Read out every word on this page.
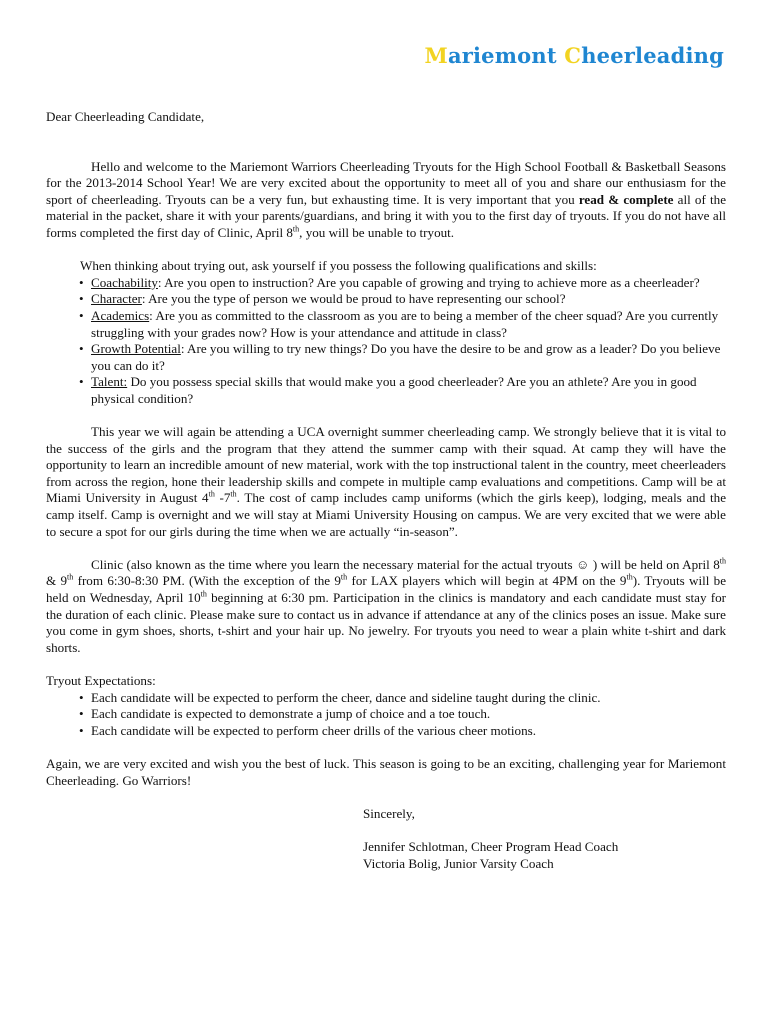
Mariemont Cheerleading

Dear Cheerleading Candidate,

Hello and welcome to the Mariemont Warriors Cheerleading Tryouts for the High School Football & Basketball Seasons for the 2013-2014 School Year! We are very excited about the opportunity to meet all of you and share our enthusiasm for the sport of cheerleading. Tryouts can be a very fun, but exhausting time. It is very important that you read & complete all of the material in the packet, share it with your parents/guardians, and bring it with you to the first day of tryouts. If you do not have all forms completed the first day of Clinic, April 8th, you will be unable to tryout.

When thinking about trying out, ask yourself if you possess the following qualifications and skills:

• Coachability: Are you open to instruction? Are you capable of growing and trying to achieve more as a cheerleader?
• Character: Are you the type of person we would be proud to have representing our school?
• Academics: Are you as committed to the classroom as you are to being a member of the cheer squad? Are you currently struggling with your grades now? How is your attendance and attitude in class?
• Growth Potential: Are you willing to try new things? Do you have the desire to be and grow as a leader? Do you believe you can do it?
• Talent: Do you possess special skills that would make you a good cheerleader? Are you an athlete? Are you in good physical condition?

This year we will again be attending a UCA overnight summer cheerleading camp. We strongly believe that it is vital to the success of the girls and the program that they attend the summer camp with their squad. At camp they will have the opportunity to learn an incredible amount of new material, work with the top instructional talent in the country, meet cheerleaders from across the region, hone their leadership skills and compete in multiple camp evaluations and competitions. Camp will be at Miami University in August 4th -7th. The cost of camp includes camp uniforms (which the girls keep), lodging, meals and the camp itself. Camp is overnight and we will stay at Miami University Housing on campus. We are very excited that we were able to secure a spot for our girls during the time when we are actually “in-season”.

Clinic (also known as the time where you learn the necessary material for the actual tryouts ☺ ) will be held on April 8th & 9th from 6:30-8:30 PM. (With the exception of the 9th for LAX players which will begin at 4PM on the 9th). Tryouts will be held on Wednesday, April 10th beginning at 6:30 pm. Participation in the clinics is mandatory and each candidate must stay for the duration of each clinic. Please make sure to contact us in advance if attendance at any of the clinics poses an issue. Make sure you come in gym shoes, shorts, t-shirt and your hair up. No jewelry. For tryouts you need to wear a plain white t-shirt and dark shorts.

Tryout Expectations:

• Each candidate will be expected to perform the cheer, dance and sideline taught during the clinic.
• Each candidate is expected to demonstrate a jump of choice and a toe touch.
• Each candidate will be expected to perform cheer drills of the various cheer motions.

Again, we are very excited and wish you the best of luck. This season is going to be an exciting, challenging year for Mariemont Cheerleading. Go Warriors!

Sincerely,

Jennifer Schlotman, Cheer Program Head Coach

Victoria Bolig, Junior Varsity Coach
